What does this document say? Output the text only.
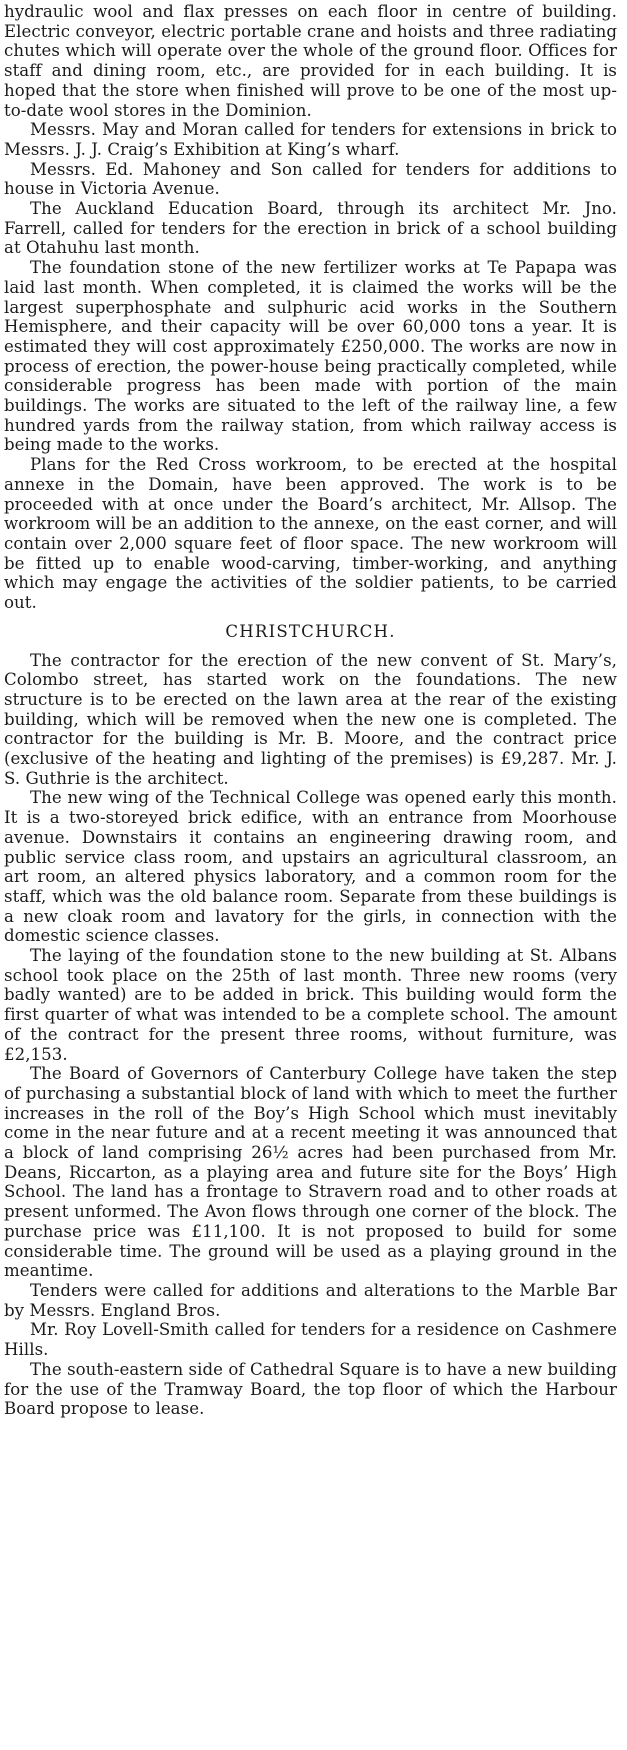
hydraulic wool and flax presses on each floor in centre of building. Electric conveyor, electric portable crane and hoists and three radiating chutes which will operate over the whole of the ground floor. Offices for staff and dining room, etc., are provided for in each building. It is hoped that the store when finished will prove to be one of the most up-to-date wool stores in the Dominion.

Messrs. May and Moran called for tenders for extensions in brick to Messrs. J. J. Craig’s Exhibition at King’s wharf.

Messrs. Ed. Mahoney and Son called for tenders for additions to house in Victoria Avenue.

The Auckland Education Board, through its architect Mr. Jno. Farrell, called for tenders for the erection in brick of a school building at Otahuhu last month.

The foundation stone of the new fertilizer works at Te Papapa was laid last month. When completed, it is claimed the works will be the largest superphosphate and sulphuric acid works in the Southern Hemisphere, and their capacity will be over 60,000 tons a year. It is estimated they will cost approximately £250,000. The works are now in process of erection, the power-house being practically completed, while considerable progress has been made with portion of the main buildings. The works are situated to the left of the railway line, a few hundred yards from the railway station, from which railway access is being made to the works.

Plans for the Red Cross workroom, to be erected at the hospital annexe in the Domain, have been approved. The work is to be proceeded with at once under the Board’s architect, Mr. Allsop. The workroom will be an addition to the annexe, on the east corner, and will contain over 2,000 square feet of floor space. The new workroom will be fitted up to enable wood-carving, timber-working, and anything which may engage the activities of the soldier patients, to be carried out.

CHRISTCHURCH.

The contractor for the erection of the new convent of St. Mary’s, Colombo street, has started work on the foundations. The new structure is to be erected on the lawn area at the rear of the existing building, which will be removed when the new one is completed. The contractor for the building is Mr. B. Moore, and the contract price (exclusive of the heating and lighting of the premises) is £9,287. Mr. J. S. Guthrie is the architect.

The new wing of the Technical College was opened early this month. It is a two-storeyed brick edifice, with an entrance from Moorhouse avenue. Downstairs it contains an engineering drawing room, and public service class room, and upstairs an agricultural classroom, an art room, an altered physics laboratory, and a common room for the staff, which was the old balance room. Separate from these buildings is a new cloak room and lavatory for the girls, in connection with the domestic science classes.

The laying of the foundation stone to the new building at St. Albans school took place on the 25th of last month. Three new rooms (very badly wanted) are to be added in brick. This building would form the first quarter of what was intended to be a complete school. The amount of the contract for the present three rooms, without furniture, was £2,153.

The Board of Governors of Canterbury College have taken the step of purchasing a substantial block of land with which to meet the further increases in the roll of the Boy’s High School which must inevitably come in the near future and at a recent meeting it was announced that a block of land comprising 26½ acres had been purchased from Mr. Deans, Riccarton, as a playing area and future site for the Boys’ High School. The land has a frontage to Stravern road and to other roads at present unformed. The Avon flows through one corner of the block. The purchase price was £11,100. It is not proposed to build for some considerable time. The ground will be used as a playing ground in the meantime.

Tenders were called for additions and alterations to the Marble Bar by Messrs. England Bros.

Mr. Roy Lovell-Smith called for tenders for a residence on Cashmere Hills.

The south-eastern side of Cathedral Square is to have a new building for the use of the Tramway Board, the top floor of which the Harbour Board propose to lease.
